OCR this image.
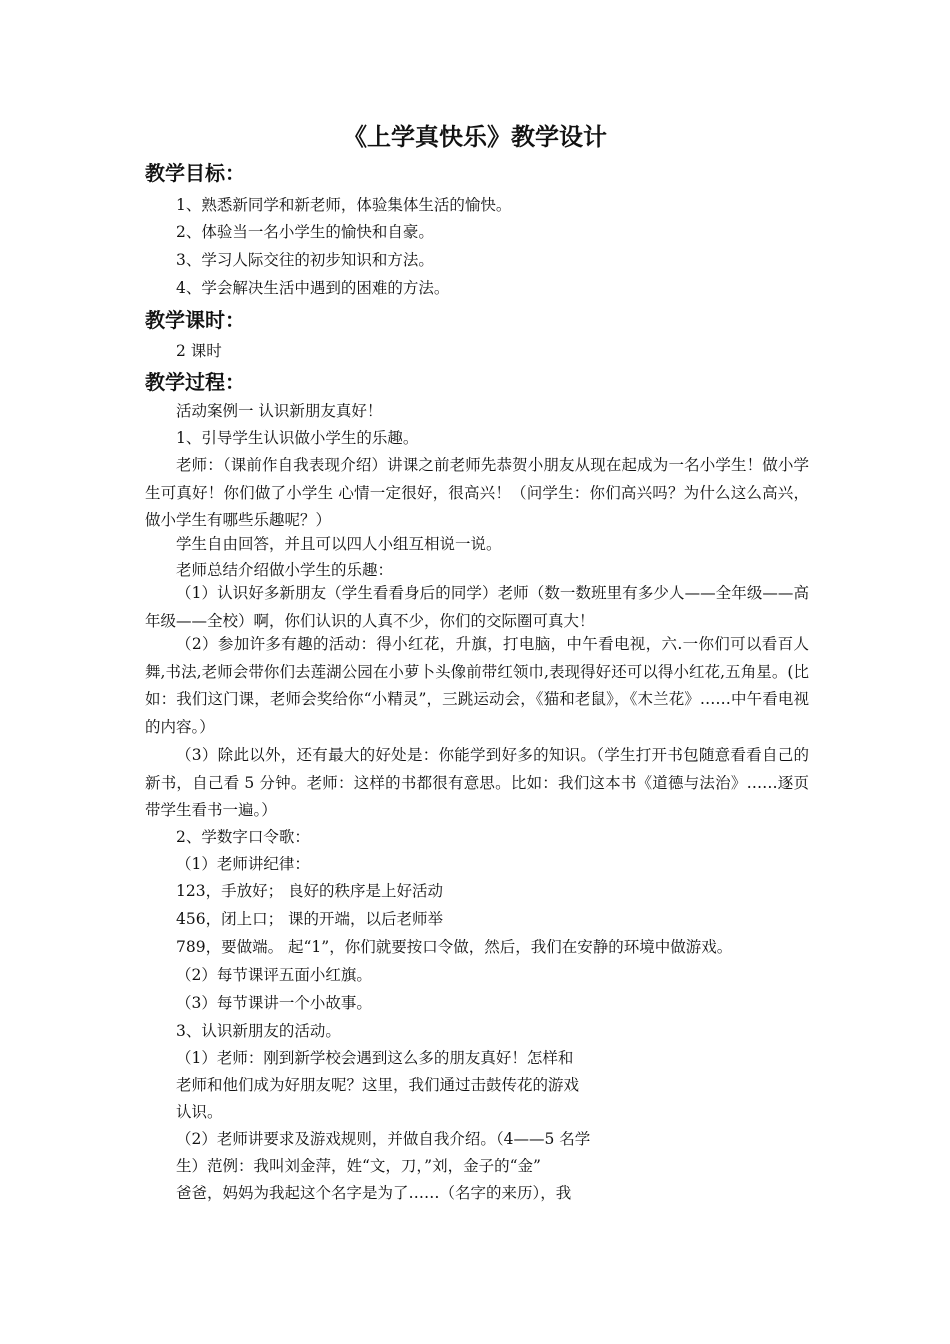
《上学真快乐》教学设计
教学目标：
1、熟悉新同学和新老师，体验集体生活的愉快。
2、体验当一名小学生的愉快和自豪。
3、学习人际交往的初步知识和方法。
4、学会解决生活中遇到的困难的方法。
教学课时：
2 课时
教学过程：
活动案例一 认识新朋友真好！
1、引导学生认识做小学生的乐趣。
老师：（课前作自我表现介绍）讲课之前老师先恭贺小朋友从现在起成为一名小学生！做小学生可真好！你们做了小学生 心情一定很好，很高兴！（问学生：你们高兴吗？为什么这么高兴，做小学生有哪些乐趣呢？）
学生自由回答，并且可以四人小组互相说一说。
老师总结介绍做小学生的乐趣：
（1）认识好多新朋友（学生看看身后的同学）老师（数一数班里有多少人——全年级——高年级——全校）啊，你们认识的人真不少，你们的交际圈可真大！
（2）参加许多有趣的活动：得小红花，升旗，打电脑，中午看电视，六.一你们可以看百人舞,书法,老师会带你们去莲湖公园在小萝卜头像前带红领巾,表现得好还可以得小红花,五角星。(比如：我们这门课，老师会奖给你“小精灵”，三跳运动会，《猫和老鼠》，《木兰花》……中午看电视的内容。）
（3）除此以外，还有最大的好处是：你能学到好多的知识。（学生打开书包随意看看自己的新书，自己看 5 分钟。老师：这样的书都很有意思。比如：我们这本书《道德与法治》……逐页带学生看书一遍。）
2、学数字口令歌：
（1）老师讲纪律：
123，手放好； 良好的秩序是上好活动
456，闭上口； 课的开端，以后老师举
789，要做端。 起“1”，你们就要按口令做，然后，我们在安静的环境中做游戏。
（2）每节课评五面小红旗。
（3）每节课讲一个小故事。
3、认识新朋友的活动。
（1）老师：刚到新学校会遇到这么多的朋友真好！怎样和
老师和他们成为好朋友呢？这里，我们通过击鼓传花的游戏
认识。
（2）老师讲要求及游戏规则，并做自我介绍。（4——5 名学
生）范例：我叫刘金萍，姓“文，刀，”刘，金子的“金”
爸爸，妈妈为我起这个名字是为了……（名字的来历），我
